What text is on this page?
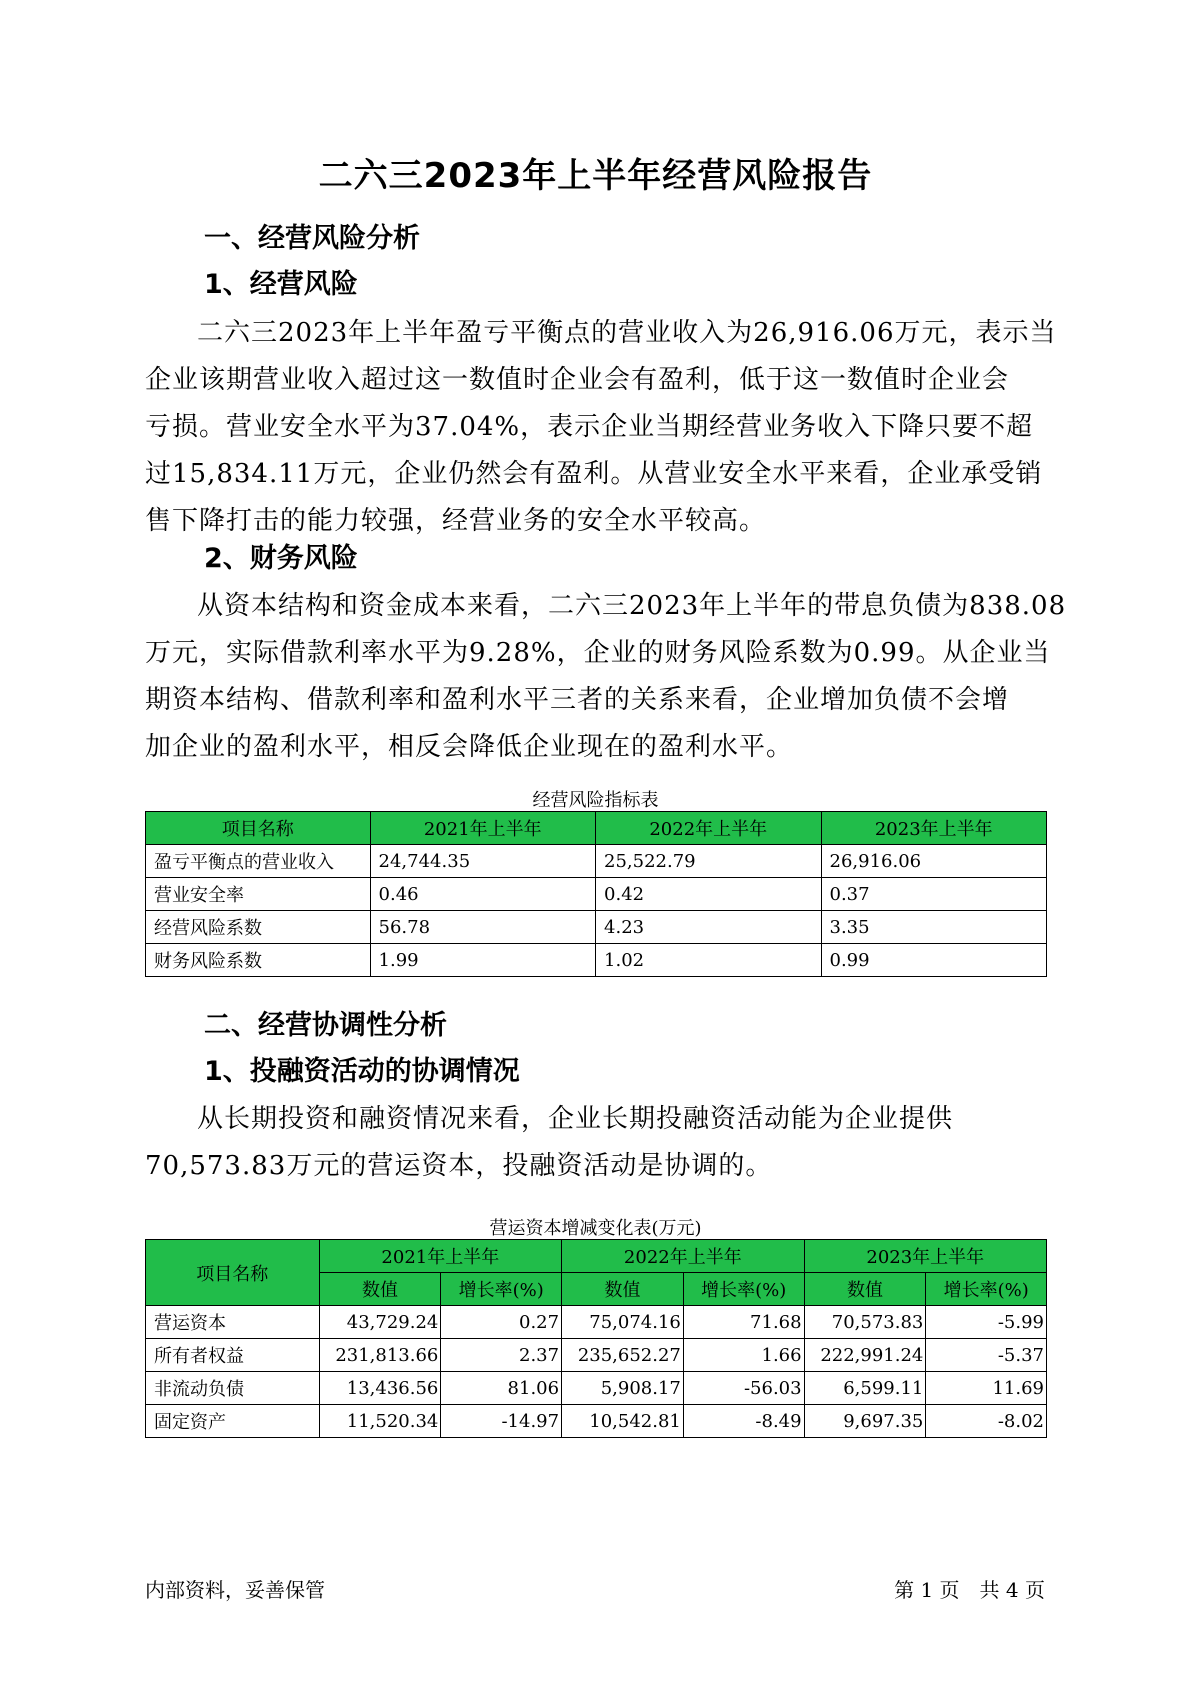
二六三2023年上半年经营风险报告
一、经营风险分析
1、经营风险
二六三2023年上半年盈亏平衡点的营业收入为26,916.06万元，表示当
企业该期营业收入超过这一数值时企业会有盈利，低于这一数值时企业会
亏损。营业安全水平为37.04%，表示企业当期经营业务收入下降只要不超
过15,834.11万元，企业仍然会有盈利。从营业安全水平来看，企业承受销
售下降打击的能力较强，经营业务的安全水平较高。
2、财务风险
从资本结构和资金成本来看，二六三2023年上半年的带息负债为838.08
万元，实际借款利率水平为9.28%，企业的财务风险系数为0.99。从企业当
期资本结构、借款利率和盈利水平三者的关系来看，企业增加负债不会增
加企业的盈利水平，相反会降低企业现在的盈利水平。
经营风险指标表
项目名称	2021年上半年	2022年上半年	2023年上半年
盈亏平衡点的营业收入	24,744.35	25,522.79	26,916.06
营业安全率	0.46	0.42	0.37
经营风险系数	56.78	4.23	3.35
财务风险系数	1.99	1.02	0.99
二、经营协调性分析
1、投融资活动的协调情况
从长期投资和融资情况来看，企业长期投融资活动能为企业提供
70,573.83万元的营运资本，投融资活动是协调的。
营运资本增减变化表(万元)
项目名称	2021年上半年		2022年上半年		2023年上半年	
	数值	增长率(%)	数值	增长率(%)	数值	增长率(%)
营运资本	43,729.24	0.27	75,074.16	71.68	70,573.83	-5.99
所有者权益	231,813.66	2.37	235,652.27	1.66	222,991.24	-5.37
非流动负债	13,436.56	81.06	5,908.17	-56.03	6,599.11	11.69
固定资产	11,520.34	-14.97	10,542.81	-8.49	9,697.35	-8.02
内部资料，妥善保管	第 1 页　共 4 页
